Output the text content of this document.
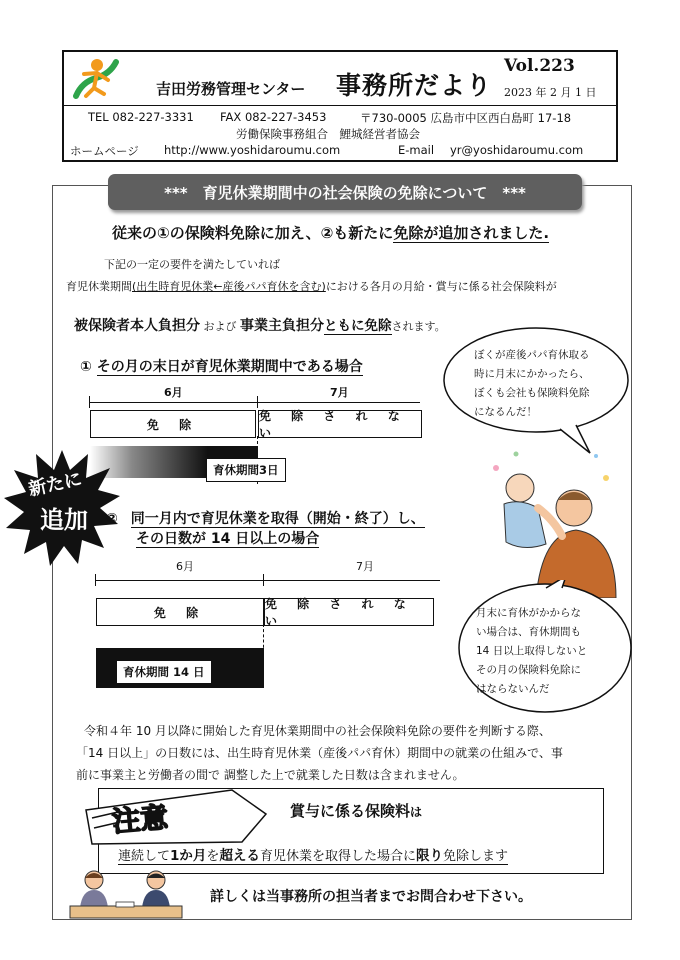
吉田労務管理センター 事務所だより
Vol.223
2023 年 2 月 1 日
TEL 082-227-3331 FAX 082-227-3453	〒730-0005 広島市中区西白島町 17-18
労働保険事務組合　鯉城経営者協会
ホームページ http://www.yoshidaroumu.com	E-mail yr@yoshidaroumu.com
***　育児休業期間中の社会保険の免除について　***
従来の①の保険料免除に加え、②も新たに免除が追加されました.
下記の一定の要件を満たしていれば
育児休業期間(出生時育児休業←産後パパ育休を含む)における各月の月給・賞与に係る社会保険料が
被保険者本人負担分 および 事業主負担分ともに免除されます。
① その月の末日が育児休業期間中である場合
6月	7月
免 除
免 除 さ れ な い
育休期間3日
新たに
追加 ② 同一月内で育児休業を取得（開始・終了）し、
その日数が 14 日以上の場合
6月	7月
免 除
免 除 さ れ な い
育休期間 14 日
ぼくが産後パパ育休取る
時に月末にかかったら、
ぼくも会社も保険料免除
になるんだ！
月末に育休がかからな
い場合は、育休期間も
14 日以上取得しないと
その月の保険料免除に
はならないんだ
令和４年 10 月以降に開始した育児休業期間中の社会保険料免除の要件を判断する際、
「14 日以上」の日数には、出生時育児休業（産後パパ育休）期間中の就業の仕組みで、事
前に事業主と労働者の間で 調整した上で就業した日数は含まれません。
注意	賞与に係る保険料は
連続して1か月を超える育児休業を取得した場合に限り免除します
詳しくは当事務所の担当者までお問合わせ下さい。
